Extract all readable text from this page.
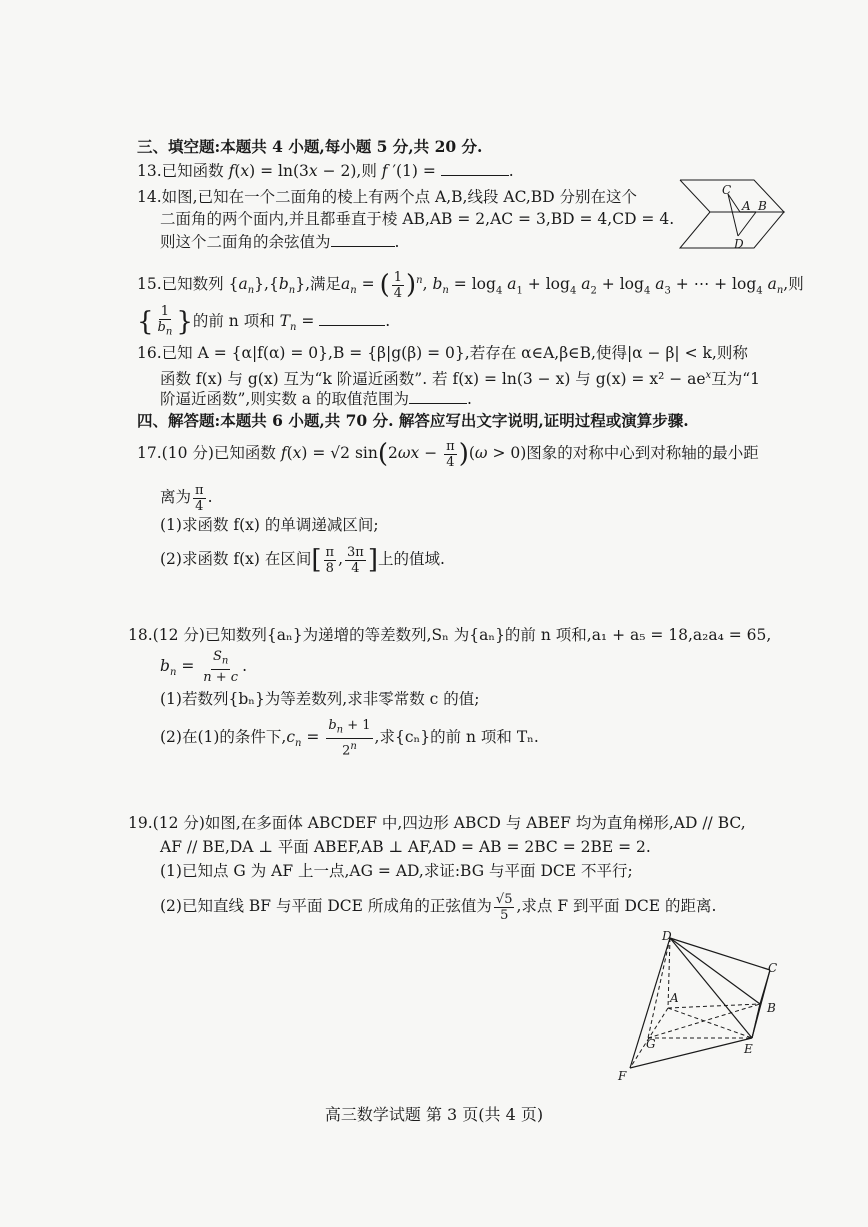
三、填空题:本题共 4 小题,每小题 5 分,共 20 分.
13.已知函数 f(x) = ln(3x − 2),则 f ′(1) =	.
14.如图,已知在一个二面角的棱上有两个点 A,B,线段 AC,BD 分别在这个
二面角的两个面内,并且都垂直于棱 AB,AB = 2,AC = 3,BD = 4,CD = 4.
则这个二面角的余弦值为	.
C
A B
D
15.已知数列 $\{a_n\},\{b_n\}$,满足$a_n$ = ( $\frac{1}{4} )^n$, $b_n = \log_4 a_1 + \log_4 a_2 + \log_4 a_3$ + ⋯ + $\log_4 a_n$,则
{ $\frac{1}{b_n}$ }的前 n 项和 $T_n$ =	.
16.已知 A = {α|f(α) = 0},B = {β|g(β) = 0},若存在 α∈A,β∈B,使得|α − β| < k,则称
函数 f(x) 与 g(x) 互为“k 阶逼近函数”. 若 f(x) = ln(3 − x) 与 $g(x) = x^2 - ae^x$互为“1
阶逼近函数”,则实数 a 的取值范围为	.
四、解答题:本题共 6 小题,共 70 分. 解答应写出文字说明,证明过程或演算步骤.
17.(10 分)已知函数 f(x) = √2 $\sin(2\omega x - \frac{\pi}{4} )(\omega > 0)$图象的对称中心到对称轴的最小距
离为 $\frac{\pi}{4}$ .
(1)求函数 f(x) 的单调递减区间;
(2)求函数 f(x) 在区间[ $\frac{\pi}{8}$ , $\frac{3\pi}{4}$ ]上的值域.
18.(12 分)已知数列{aₙ}为递增的等差数列,Sₙ 为{aₙ}的前 n 项和,a₁ + a₅ = 18,a₂a₄ = 65,
$b_n = \frac{S_n}{n + c}$ .
(1)若数列{bₙ}为等差数列,求非零常数 c 的值;
(2)在(1)的条件下$,c_n = \frac{b_n + 1}{2^n}$ ,求{cₙ}的前 n 项和 Tₙ.
19.(12 分)如图,在多面体 ABCDEF 中,四边形 ABCD 与 ABEF 均为直角梯形,AD // BC,
AF // BE,DA ⊥ 平面 ABEF,AB ⊥ AF,AD = AB = 2BC = 2BE = 2.
(1)已知点 G 为 AF 上一点,AG = AD,求证:BG 与平面 DCE 不平行;
(2)已知直线 BF 与平面 DCE 所成角的正弦值为 $\frac{√5}{5}$ ,求点 F 到平面 DCE 的距离.
D
C
A
B
G	E
F
高三数学试题 第 3 页(共 4 页)
